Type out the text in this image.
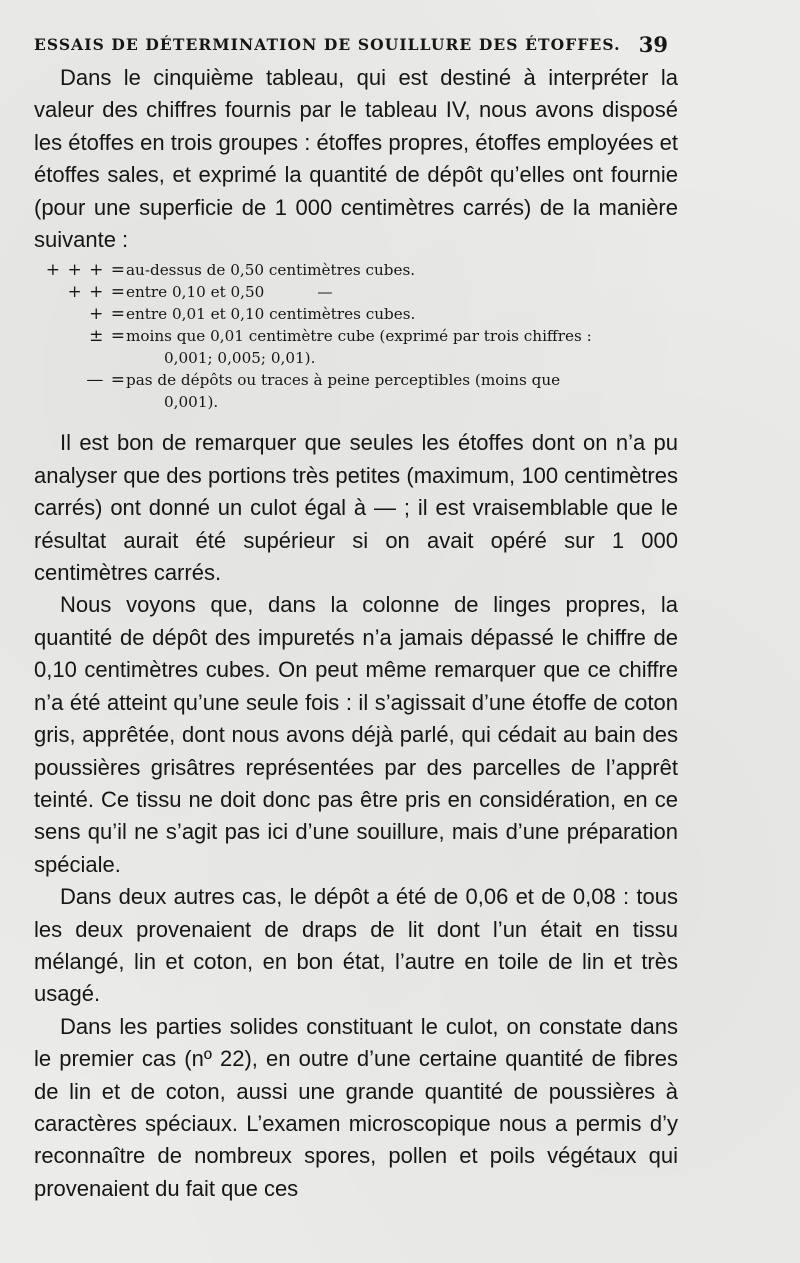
ESSAIS DE DÉTERMINATION DE SOUILLURE DES ÉTOFFES. 39

Dans le cinquième tableau, qui est destiné à interpréter la valeur des chiffres fournis par le tableau IV, nous avons disposé les étoffes en trois groupes : étoffes propres, étoffes employées et étoffes sales, et exprimé la quantité de dépôt qu’elles ont fournie (pour une superficie de 1 000 centimètres carrés) de la manière suivante :

+ + + = au-dessus de 0,50 centimètres cubes.
+ + = entre 0,10 et 0,50           —
+ = entre 0,01 et 0,10 centimètres cubes.
± = moins que 0,01 centimètre cube (exprimé par trois chiffres :
0,001; 0,005; 0,01).
— = pas de dépôts ou traces à peine perceptibles (moins que
0,001).

Il est bon de remarquer que seules les étoffes dont on n’a pu analyser que des portions très petites (maximum, 100 centimètres carrés) ont donné un culot égal à — ; il est vraisemblable que le résultat aurait été supérieur si on avait opéré sur 1 000 centimètres carrés.

Nous voyons que, dans la colonne de linges propres, la quantité de dépôt des impuretés n’a jamais dépassé le chiffre de 0,10 centimètres cubes. On peut même remarquer que ce chiffre n’a été atteint qu’une seule fois : il s’agissait d’une étoffe de coton gris, apprêtée, dont nous avons déjà parlé, qui cédait au bain des poussières grisâtres représentées par des parcelles de l’apprêt teinté. Ce tissu ne doit donc pas être pris en considération, en ce sens qu’il ne s’agit pas ici d’une souillure, mais d’une préparation spéciale.

Dans deux autres cas, le dépôt a été de 0,06 et de 0,08 : tous les deux provenaient de draps de lit dont l’un était en tissu mélangé, lin et coton, en bon état, l’autre en toile de lin et très usagé.

Dans les parties solides constituant le culot, on constate dans le premier cas (nº 22), en outre d’une certaine quantité de fibres de lin et de coton, aussi une grande quantité de poussières à caractères spéciaux. L’examen microscopique nous a permis d’y reconnaître de nombreux spores, pollen et poils végétaux qui provenaient du fait que ces
